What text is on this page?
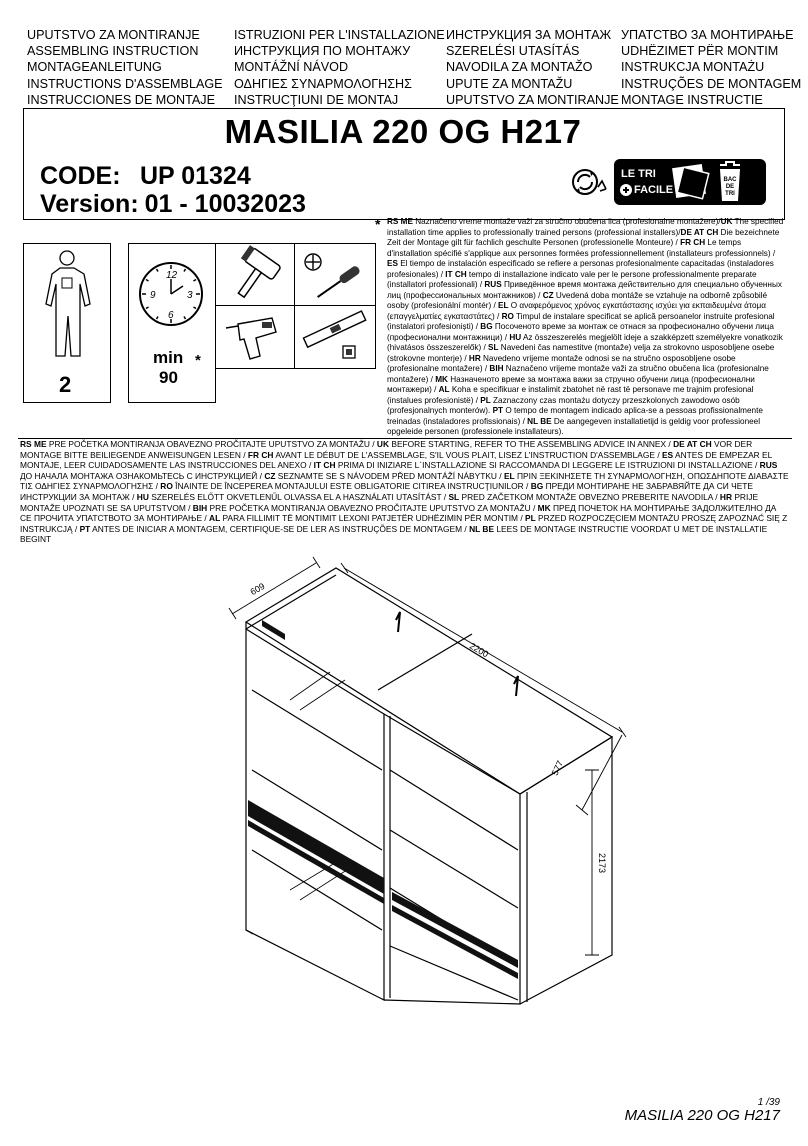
UPUTSTVO ZA MONTIRANJE
ASSEMBLING INSTRUCTION
MONTAGEANLEITUNG
INSTRUCTIONS D'ASSEMBLAGE
INSTRUCCIONES DE MONTAJE
ISTRUZIONI PER L'INSTALLAZIONE
ИНСТРУКЦИЯ ПО МОНТАЖУ
MONTÁŽNÍ NÁVOD
ΟΔΗΓΙΕΣ ΣΥΝΑΡΜΟΛΟΓΗΣΗΣ
INSTRUCŢIUNI DE MONTAJ
ИНСТРУКЦИЯ ЗА МОНТАЖ
SZERELÉSI UTASÍTÁS
NAVODILA ZA MONTAŽO
UPUTE ZA MONTAŽU
UPUTSTVO ZA MONTIRANJE
УПАТСТВО ЗА МОНТИРАЊЕ
UDHËZIMET PËR MONTIM
INSTRUKCJA MONTAŻU
INSTRUÇÕES DE MONTAGEM
MONTAGE INSTRUCTIE
MASILIA 220 OG H217
CODE: UP 01324
Version: 01 - 10032023
LE TRI
FACILE
BAC DE TRI
2
12
9	3
6
min *
90
* RS ME Naznačeno vreme montaže važi za stručno obučena lica (profesionalne montažere)/UK The specified installation time applies to professionally trained persons (professional installers)/DE AT CH Die bezeichnete Zeit der Montage gilt für fachlich geschulte Personen (professionelle Monteure) / FR CH Le temps d'installation spécifié s'applique aux personnes formées professionnellement (installateurs professionnels) / ES El tiempo de instalación especificado se refiere a personas profesionalmente capacitadas (instaladores profesionales) / IT CH tempo di installazione indicato vale per le persone professionalmente preparate (installatori professionali) / RUS Приведённое время монтажа действительно для специально обученных лиц (профессиональных монтажников) / CZ Uvedená doba montáže se vztahuje na odborně způsobilé osoby (profesionální montér) / EL Ο αναφερόμενος χρόνος εγκατάστασης ισχύει για εκπαιδευμένα άτομα (επαγγελματίες εγκαταστάτες) / RO Timpul de instalare specificat se aplică persoanelor instruite profesional (instalatori profesioniști) / BG Посоченото време за монтаж се отнася за професионално обучени лица (професионални монтажници) / HU Az összeszerelés megjelölt ideje a szakképzett személyekre vonatkozik (hivatásos összeszerelők) / SL Navedeni čas namestitve (montaže) velja za strokovno usposobljene osebe (strokovne monterje) / HR Navedeno vrijeme montaže odnosi se na stručno osposobljene osobe (profesionalne montažere) / BIH Naznačeno vrijeme montaže važi za stručno obučena lica (profesionalne montažere) / MK Назначеното време за монтажа важи за стручно обучени лица (професионални монтажери) / AL Koha e specifikuar e instalimit zbatohet në rast të personave me trajnim profesional (instalues profesionistë) / PL Zaznaczony czas montażu dotyczy przeszkolonych zawodowo osób (profesjonalnych monterów). PT O tempo de montagem indicado aplica-se a pessoas profissionalmente treinadas (instaladores profissionais) / NL BE De aangegeven installatietijd is geldig voor professioneel opgeleide personen (professionele installateurs).
RS ME PRE POČETKA MONTIRANJA OBAVEZNO PROČITAJTE UPUTSTVO ZA MONTAŽU / UK BEFORE STARTING, REFER TO THE ASSEMBLING ADVICE IN ANNEX / DE AT CH VOR DER MONTAGE BITTE BEILIEGENDE ANWEISUNGEN LESEN / FR CH AVANT LE DÉBUT DE L'ASSEMBLAGE, S'IL VOUS PLAIT, LISEZ L'INSTRUCTION D'ASSEMBLAGE / ES ANTES DE EMPEZAR EL MONTAJE, LEER CUIDADOSAMENTE LAS INSTRUCCIONES DEL ANEXO / IT CH PRIMA DI INIZIARE L`INSTALLAZIONE SI RACCOMANDA DI LEGGERE LE ISTRUZIONI DI INSTALLAZIONE / RUS ДО НАЧАЛА МОНТАЖА ОЗНАКОМЬТЕСЬ С ИНСТРУКЦИЕЙ / CZ SEZNAMTE SE S NÁVODEM PŘED MONTÁŽÍ NÁBYTKU / EL ΠΡΙΝ ΞΕΚΙΝΗΣΕΤΕ ΤΗ ΣΥΝΑΡΜΟΛΟΓΗΣΗ, ΟΠΩΣΔΗΠΟΤΕ ΔΙΑΒΑΣΤΕ ΤΙΣ ΟΔΗΓΙΕΣ ΣΥΝΑΡΜΟΛΟΓΗΣΗΣ / RO ÎNAINTE DE ÎNCEPEREA MONTAJULUI ESTE OBLIGATORIE CITIREA INSTRUCŢIUNILOR / BG ПРЕДИ МОНТИРАНЕ НЕ ЗАБРАВЯЙТЕ ДА СИ ЧЕТЕ ИНСТРУКЦИИ ЗА МОНТАЖ / HU SZERELÉS ELŐTT OKVETLENŰL OLVASSA EL A HASZNÁLATI UTASÍTÁST / SL PRED ZAČETKOM MONTAŽE OBVEZNO PREBERITE NAVODILA / HR PRIJE MONTAŽE UPOZNATI SE SA UPUTSTVOM / BIH PRE POČETKA MONTIRANJA OBAVEZNO PROČITAJTE UPUTSTVO ZA MONTAŽU / MK ПРЕД ПОЧЕТОК НА МОНТИРАЊЕ ЗАДОЛЖИТЕЛНО ДА СЕ ПРОЧИТА УПАТСТВОТО ЗА МОНТИРАЊЕ / AL PARA FILLIMIT TË MONTIMIT LEXONI PATJETËR UDHËZIMIN PËR MONTIM / PL PRZED ROZPOCZĘCIEM MONTAŻU PROSZĘ ZAPOZNAĆ SIĘ Z INSTRUKCJĄ / PT ANTES DE INICIAR A MONTAGEM, CERTIFIQUE-SE DE LER AS INSTRUÇÕES DE MONTAGEM / NL BE LEES DE MONTAGE INSTRUCTIE VOORDAT U MET DE INSTALLATIE BEGINT
609
2200
577
2173
1 /39
MASILIA 220 OG H217
